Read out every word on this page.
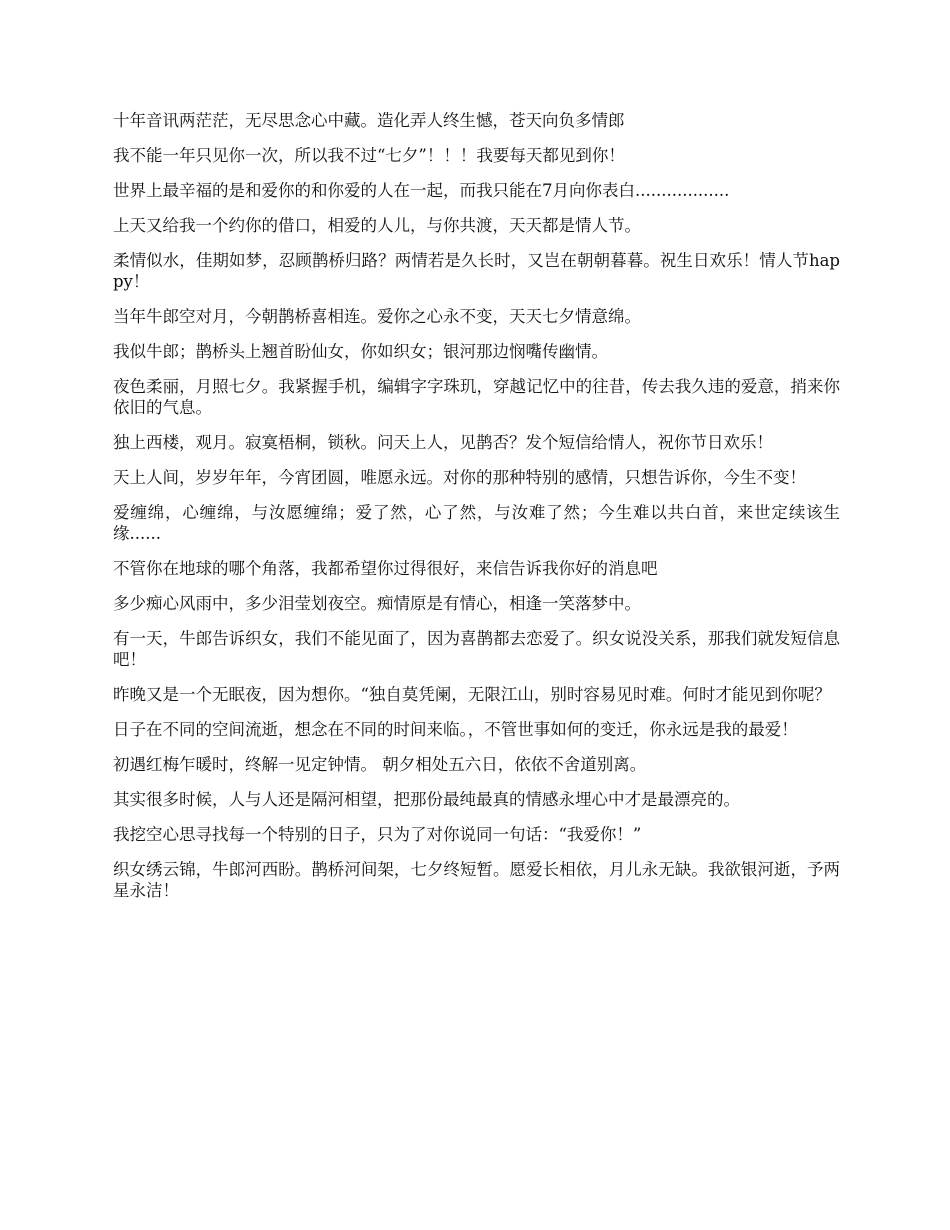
十年音讯两茫茫，无尽思念心中藏。造化弄人终生憾，苍天向负多情郎

我不能一年只见你一次，所以我不过“七夕”！！！我要每天都见到你！

世界上最辛福的是和爱你的和你爱的人在一起，而我只能在7月向你表白..................

上天又给我一个约你的借口，相爱的人儿，与你共渡，天天都是情人节。

柔情似水，佳期如梦，忍顾鹊桥归路？两情若是久长时，又岂在朝朝暮暮。祝生日欢乐！情人节happy！

当年牛郎空对月，今朝鹊桥喜相连。爱你之心永不变，天天七夕情意绵。

我似牛郎；鹊桥头上翘首盼仙女，你如织女；银河那边悯嘴传幽情。

夜色柔丽，月照七夕。我紧握手机，编辑字字珠玑，穿越记忆中的往昔，传去我久违的爱意，捎来你依旧的气息。

独上西楼，观月。寂寞梧桐，锁秋。问天上人，见鹊否？发个短信给情人，祝你节日欢乐！

天上人间，岁岁年年，今宵团圆，唯愿永远。对你的那种特别的感情，只想告诉你，今生不变！

爱缠绵，心缠绵，与汝愿缠绵；爱了然，心了然，与汝难了然；今生难以共白首，来世定续该生缘......

不管你在地球的哪个角落，我都希望你过得很好，来信告诉我你好的消息吧

多少痴心风雨中，多少泪莹划夜空。痴情原是有情心，相逢一笑落梦中。

有一天，牛郎告诉织女，我们不能见面了，因为喜鹊都去恋爱了。织女说没关系，那我们就发短信息吧！

昨晚又是一个无眠夜，因为想你。“独自莫凭阑，无限江山，别时容易见时难。何时才能见到你呢？

日子在不同的空间流逝，想念在不同的时间来临。，不管世事如何的变迁，你永远是我的最爱！

初遇红梅乍暖时，终解一见定钟情。 朝夕相处五六日，依依不舍道别离。

其实很多时候，人与人还是隔河相望，把那份最纯最真的情感永埋心中才是最漂亮的。

我挖空心思寻找每一个特别的日子，只为了对你说同一句话：“我爱你！”

织女绣云锦，牛郎河西盼。鹊桥河间架，七夕终短暂。愿爱长相依，月儿永无缺。我欲银河逝，予两星永洁！
